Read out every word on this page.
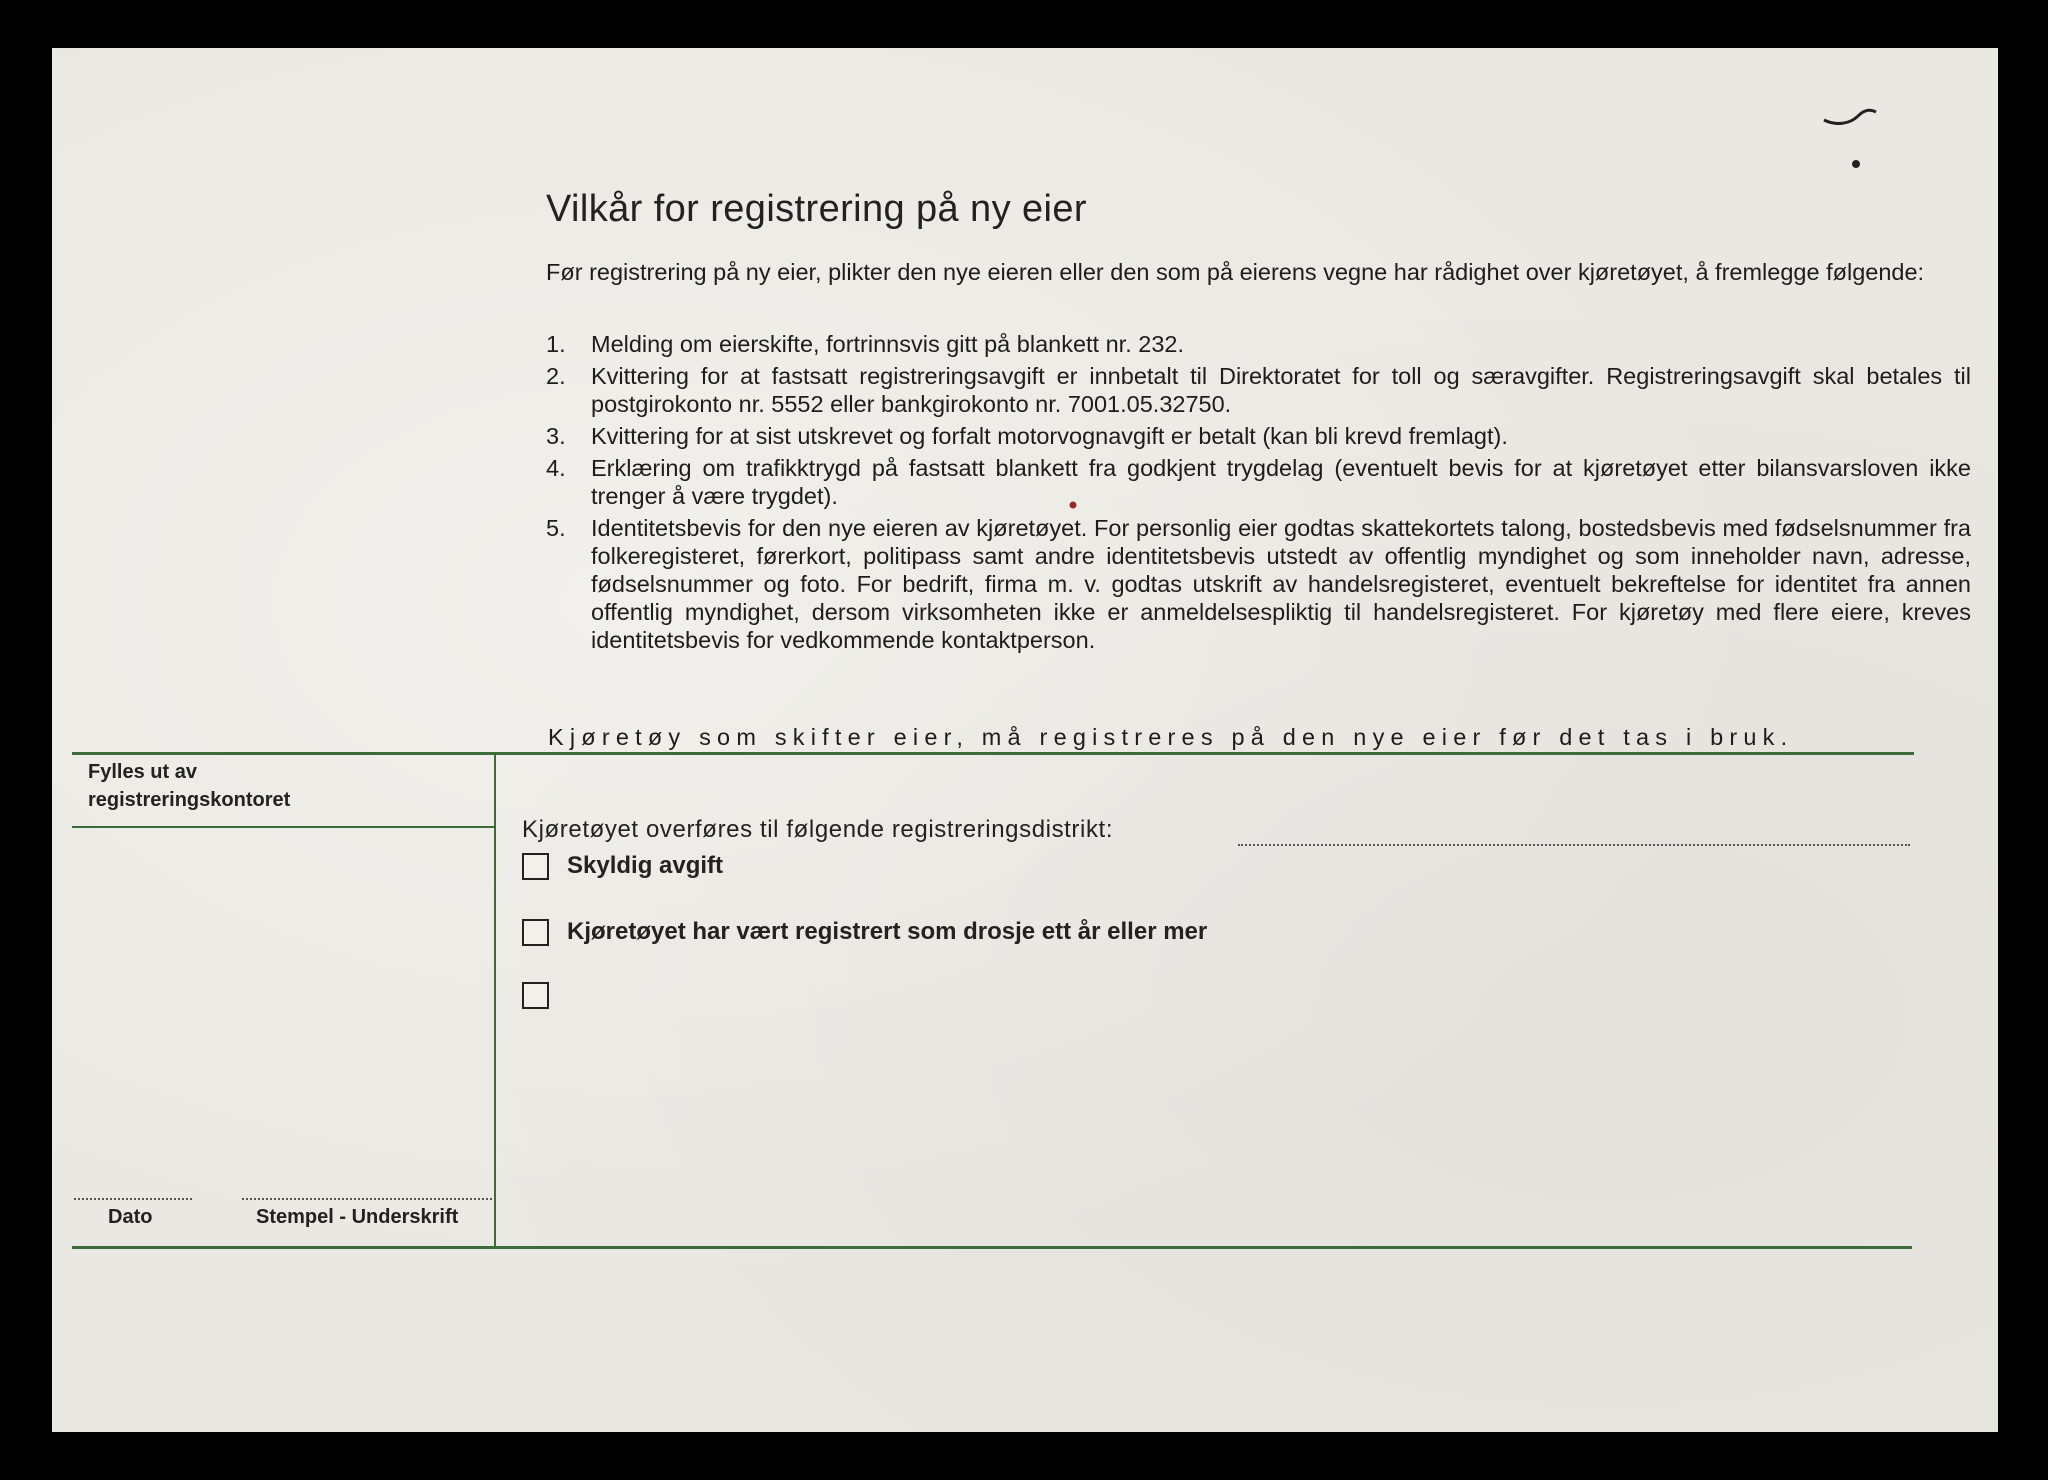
Vilkår for registrering på ny eier

Før registrering på ny eier, plikter den nye eieren eller den som på eierens vegne har rådighet over kjøretøyet, å fremlegge følgende:

1. Melding om eierskifte, fortrinnsvis gitt på blankett nr. 232.
2. Kvittering for at fastsatt registreringsavgift er innbetalt til Direktoratet for toll og særavgifter. Registreringsavgift skal betales til postgirokonto nr. 5552 eller bankgirokonto nr. 7001.05.32750.
3. Kvittering for at sist utskrevet og forfalt motorvognavgift er betalt (kan bli krevd fremlagt).
4. Erklæring om trafikktrygd på fastsatt blankett fra godkjent trygdelag (eventuelt bevis for at kjøretøyet etter bilansvarsloven ikke trenger å være trygdet).
5. Identitetsbevis for den nye eieren av kjøretøyet. For personlig eier godtas skattekortets talong, bostedsbevis med fødselsnummer fra folkeregisteret, førerkort, politipass samt andre identitetsbevis utstedt av offentlig myndighet og som inneholder navn, adresse, fødselsnummer og foto. For bedrift, firma m. v. godtas utskrift av handelsregisteret, eventuelt bekreftelse for identitet fra annen offentlig myndighet, dersom virksomheten ikke er anmeldelsespliktig til handelsregisteret. For kjøretøy med flere eiere, kreves identitetsbevis for vedkommende kontaktperson.
Kjøretøy som skifter eier, må registreres på den nye eier før det tas i bruk.
Fylles ut av
registreringskontoret
Dato	Stempel - Underskrift
Kjøretøyet overføres til følgende registreringsdistrikt:
Skyldig avgift
Kjøretøyet har vært registrert som drosje ett år eller mer
